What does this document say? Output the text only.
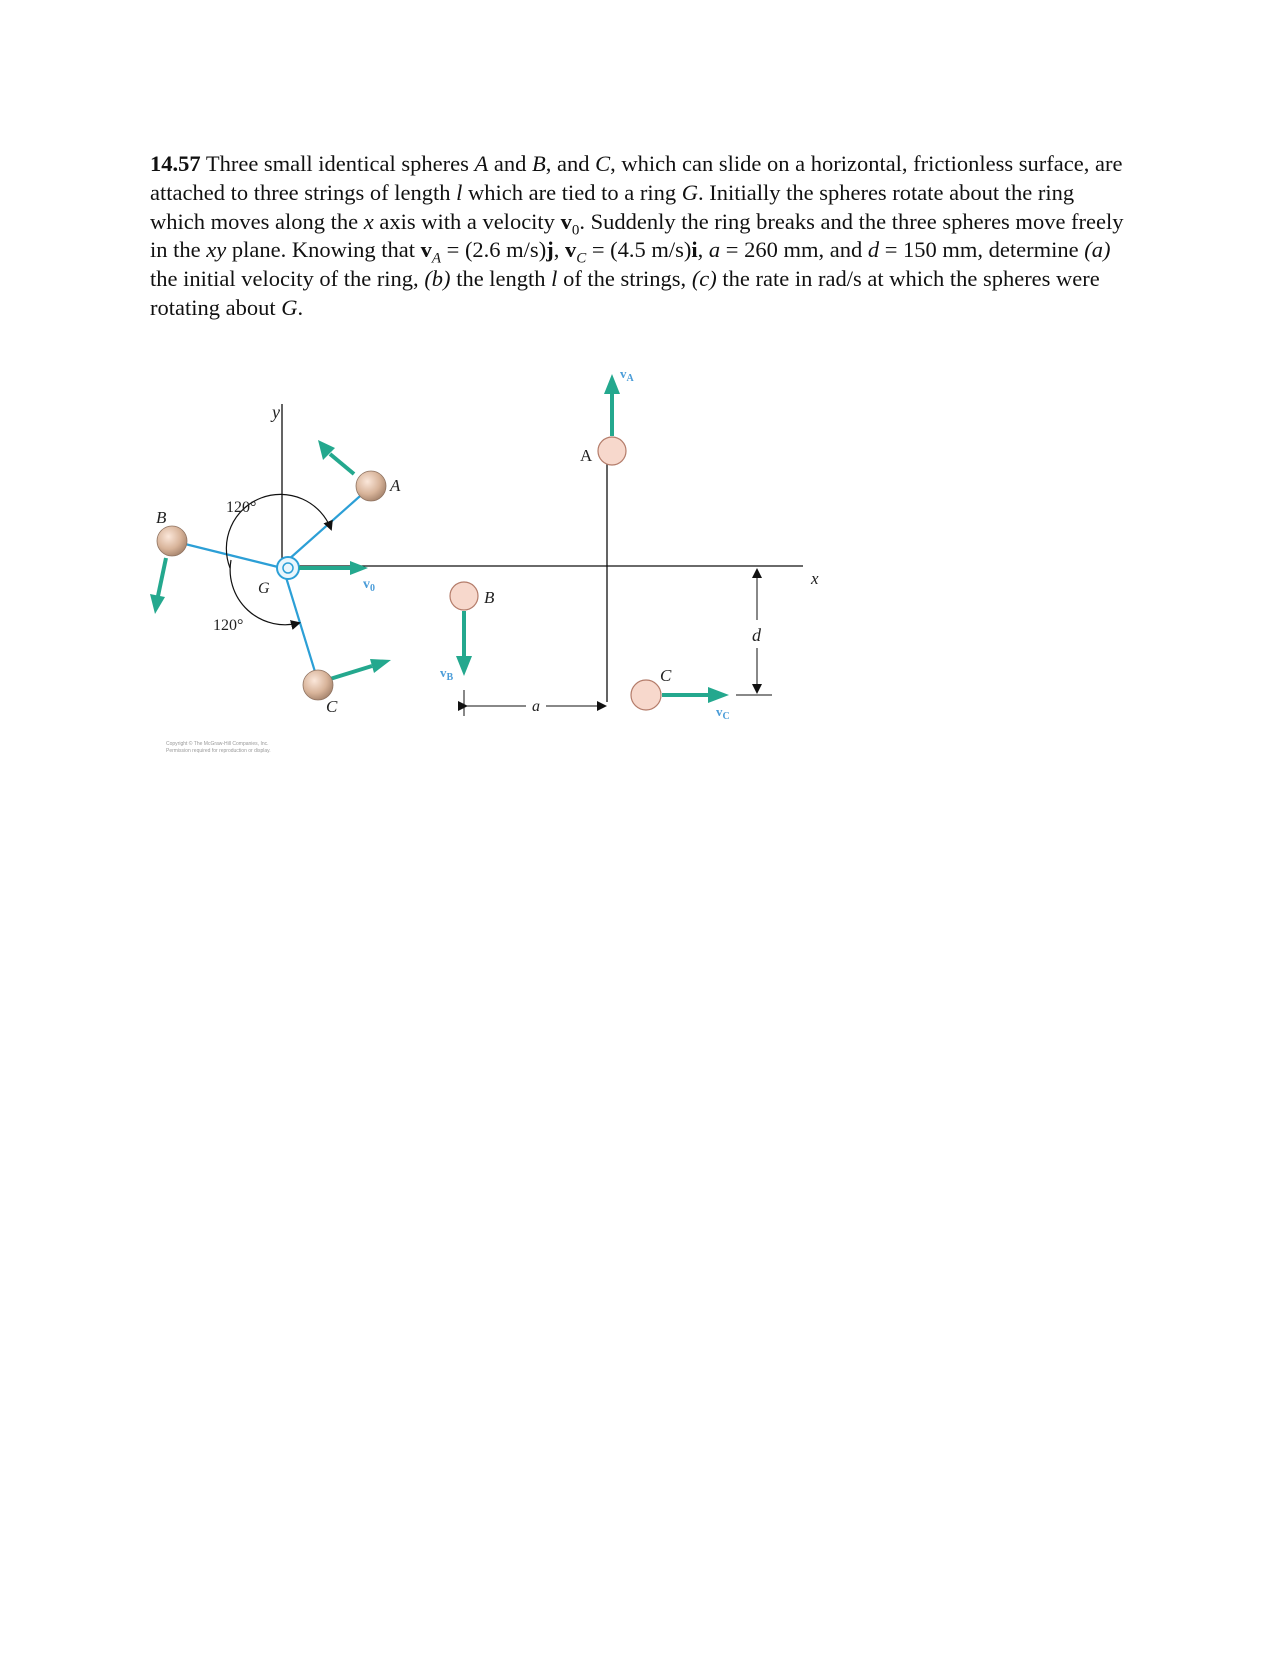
14.57 Three small identical spheres A and B, and C, which can slide on a horizontal, frictionless surface, are attached to three strings of length l which are tied to a ring G. Initially the spheres rotate about the ring which moves along the x axis with a velocity $v_0$. Suddenly the ring breaks and the three spheres move freely in the xy plane. Knowing that $v_A = (2.6$ m/s)j, $v_C = (4.5$ m/s)i, a = 260 mm, and d = 150 mm, determine (a) the initial velocity of the ring, (b) the length l of the strings, (c) the rate in rad/s at which the spheres were rotating about G.
y
120°
120°
G	$v_0$
A
B
C
x
$v_A$
A
B
$v_B$
a
C
$v_C$
d
Copyright © The McGraw-Hill Companies, Inc.
Permission required for reproduction or display.
